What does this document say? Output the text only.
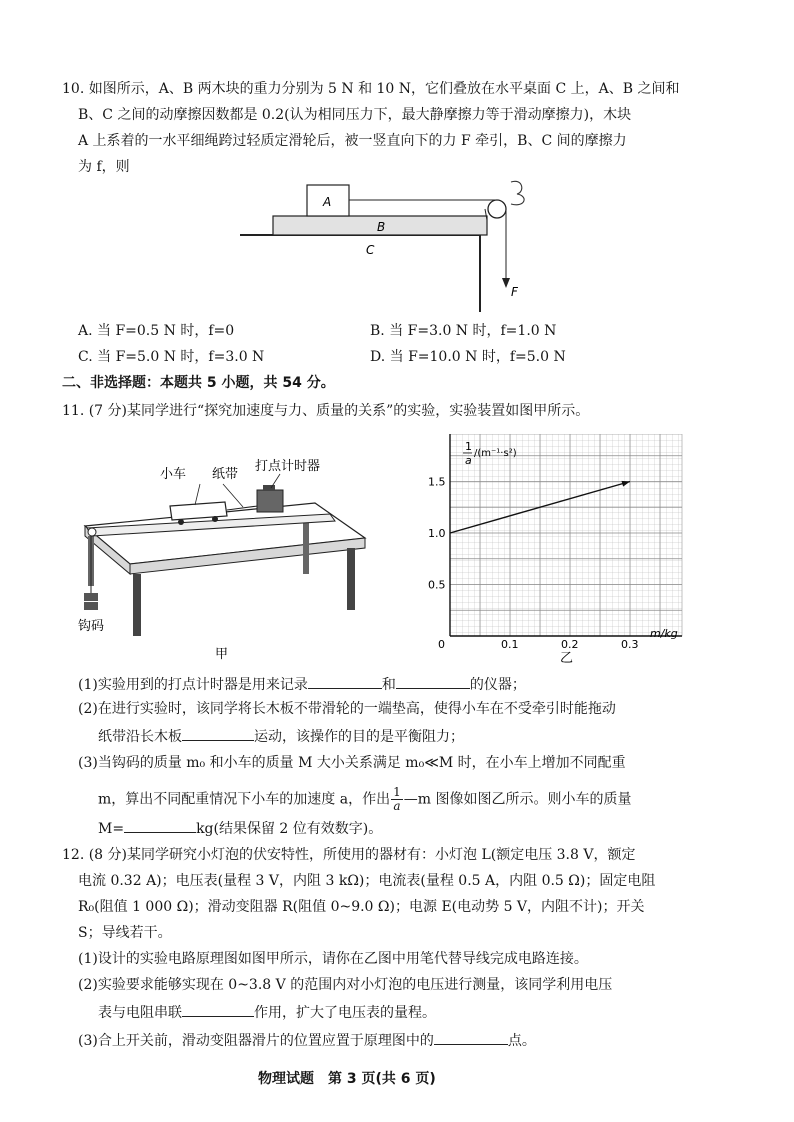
10. 如图所示，A、B 两木块的重力分别为 5 N 和 10 N，它们叠放在水平桌面 C 上，A、B 之间和
B、C 之间的动摩擦因数都是 0.2(认为相同压力下，最大静摩擦力等于滑动摩擦力)，木块
A 上系着的一水平细绳跨过轻质定滑轮后，被一竖直向下的力 F 牵引，B、C 间的摩擦力
为 f，则
A
B
C
F
A. 当 F=0.5 N 时，f=0	B. 当 F=3.0 N 时，f=1.0 N
C. 当 F=5.0 N 时，f=3.0 N	D. 当 F=10.0 N 时，f=5.0 N
二、非选择题：本题共 5 小题，共 54 分。
11. (7 分)某同学进行“探究加速度与力、质量的关系”的实验，实验装置如图甲所示。
小车 纸带
打点计时器
钩码
甲
1
a
/(m⁻¹·s²)
0
0.5
1.0
1.5
0.1	0.2	0.3
m/kg
乙
(1)实验用到的打点计时器是用来记录	和	的仪器；
(2)在进行实验时，该同学将长木板不带滑轮的一端垫高，使得小车在不受牵引时能拖动
纸带沿长木板	运动，该操作的目的是平衡阻力；
(3)当钩码的质量 m₀ 和小车的质量 M 大小关系满足 m₀≪M 时，在小车上增加不同配重
m，算出不同配重情况下小车的加速度 a，作出 $\frac{1}{a}$ —m 图像如图乙所示。则小车的质量
M=	kg(结果保留 2 位有效数字)。
12. (8 分)某同学研究小灯泡的伏安特性，所使用的器材有：小灯泡 L(额定电压 3.8 V，额定
电流 0.32 A)；电压表(量程 3 V，内阻 3 kΩ)；电流表(量程 0.5 A，内阻 0.5 Ω)；固定电阻
R₀(阻值 1 000 Ω)；滑动变阻器 R(阻值 0~9.0 Ω)；电源 E(电动势 5 V，内阻不计)；开关
S；导线若干。
(1)设计的实验电路原理图如图甲所示，请你在乙图中用笔代替导线完成电路连接。
(2)实验要求能够实现在 0~3.8 V 的范围内对小灯泡的电压进行测量，该同学利用电压
表与电阻串联	作用，扩大了电压表的量程。
(3)合上开关前，滑动变阻器滑片的位置应置于原理图中的	点。
物理试题　第 3 页(共 6 页)
